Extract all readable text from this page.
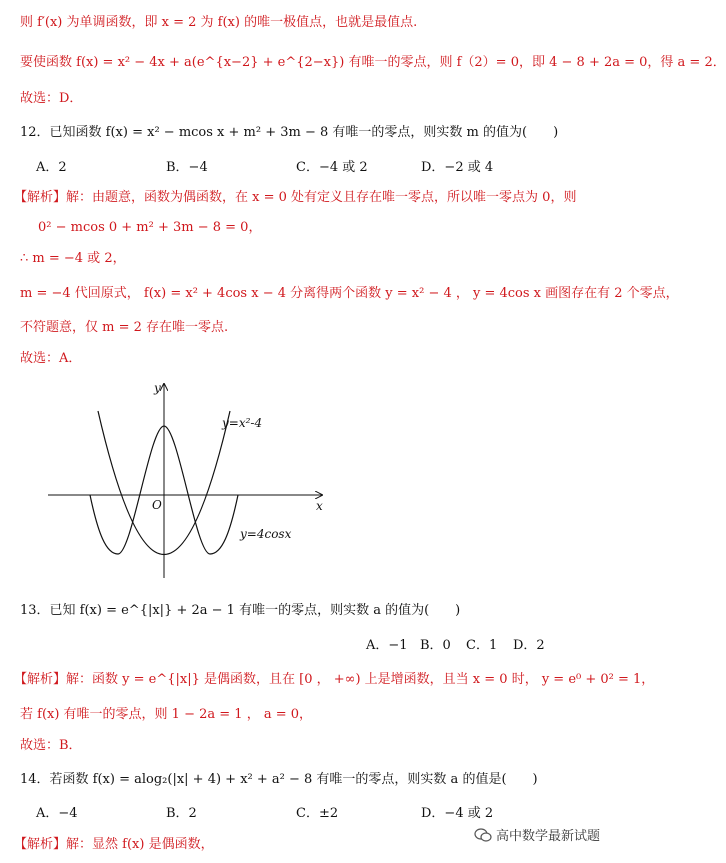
则 f′(x) 为单调函数，即 x = 2 为 f(x) 的唯一极值点，也就是最值点.
要使函数 f(x) = x² − 4x + a(e^{x−2} + e^{2−x}) 有唯一的零点，则 f（2）= 0，即 4 − 8 + 2a = 0，得 a = 2．
故选：D．
12．已知函数 f(x) = x² − mcos x + m² + 3m − 8 有唯一的零点，则实数 m 的值为(　　)
A．2	B．−4	C．−4 或 2	D．−2 或 4
【解析】解：由题意，函数为偶函数，在 x = 0 处有定义且存在唯一零点，所以唯一零点为 0，则
0² − mcos 0 + m² + 3m − 8 = 0，
∴ m = −4 或 2，
m = −4 代回原式， f(x) = x² + 4cos x − 4 分离得两个函数 y = x² − 4 ， y = 4cos x 画图存在有 2 个零点，
不符题意，仅 m = 2 存在唯一零点.
故选：A．
y
x
O
y=x²-4
y=4cosx
13．已知 f(x) = e^{|x|} + 2a − 1 有唯一的零点，则实数 a 的值为(　　)
A．−1 B．0 C．1 D．2
【解析】解：函数 y = e^{|x|} 是偶函数，且在 [0 ， +∞) 上是增函数，且当 x = 0 时， y = e⁰ + 0² = 1，
若 f(x) 有唯一的零点，则 1 − 2a = 1 ， a = 0，
故选：B．
14．若函数 f(x) = alog₂(|x| + 4) + x² + a² − 8 有唯一的零点，则实数 a 的值是(　　)
A．−4	B．2	C．±2	D．−4 或 2
【解析】解：显然 f(x) 是偶函数，
高中数学最新试题
